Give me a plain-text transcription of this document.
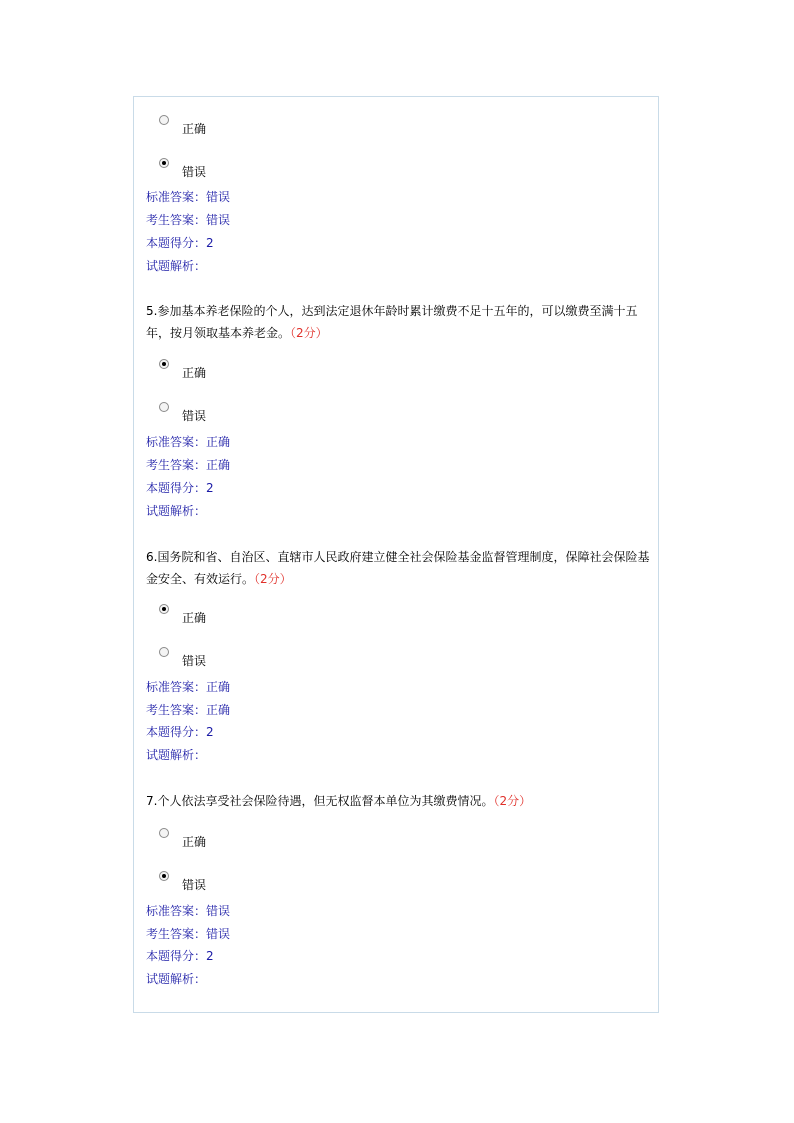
正确
错误
标准答案：错误
考生答案：错误
本题得分：2
试题解析：
5.参加基本养老保险的个人，达到法定退休年龄时累计缴费不足十五年的，可以缴费至满十五年，按月领取基本养老金。（2分）
正确
错误
标准答案：正确
考生答案：正确
本题得分：2
试题解析：
6.国务院和省、自治区、直辖市人民政府建立健全社会保险基金监督管理制度，保障社会保险基金安全、有效运行。（2分）
正确
错误
标准答案：正确
考生答案：正确
本题得分：2
试题解析：
7.个人依法享受社会保险待遇，但无权监督本单位为其缴费情况。（2分）
正确
错误
标准答案：错误
考生答案：错误
本题得分：2
试题解析：
